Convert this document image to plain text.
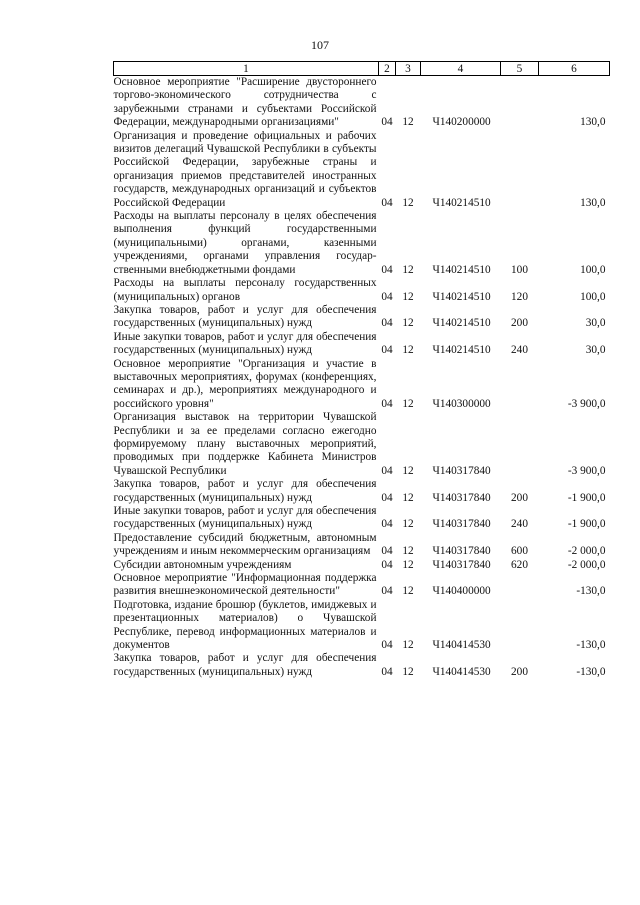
107
1	2	3	4	5	6
Основное мероприятие "Расширение двустороннего торгово-экономического сотрудничества с зарубежными странами и субъектами Российской Федерации, международными организациями"	04	12	Ч140200000		130,0
Организация и проведение официальных и рабочих визитов делегаций Чувашской Республики в субъекты Российской Федерации, зарубежные страны и организация приемов представителей иностранных государств, международных организаций и субъектов Российской Федерации	04	12	Ч140214510		130,0
Расходы на выплаты персоналу в целях обеспечения выполнения функций государственными (муниципальными) органами, казенными учреждениями, органами управления государственными внебюджетными фондами	04	12	Ч140214510	100	100,0
Расходы на выплаты персоналу государственных (муниципальных) органов	04	12	Ч140214510	120	100,0
Закупка товаров, работ и услуг для обеспечения государственных (муниципальных) нужд	04	12	Ч140214510	200	30,0
Иные закупки товаров, работ и услуг для обеспечения государственных (муниципальных) нужд	04	12	Ч140214510	240	30,0
Основное мероприятие "Организация и участие в выставочных мероприятиях, форумах (конференциях, семинарах и др.), мероприятиях международного и российского уровня"	04	12	Ч140300000		-3 900,0
Организация выставок на территории Чувашской Республики и за ее пределами согласно ежегодно формируемому плану выставочных мероприятий, проводимых при поддержке Кабинета Министров Чувашской Республики	04	12	Ч140317840		-3 900,0
Закупка товаров, работ и услуг для обеспечения государственных (муниципальных) нужд	04	12	Ч140317840	200	-1 900,0
Иные закупки товаров, работ и услуг для обеспечения государственных (муниципальных) нужд	04	12	Ч140317840	240	-1 900,0
Предоставление субсидий бюджетным, автономным учреждениям и иным некоммерческим организациям	04	12	Ч140317840	600	-2 000,0
Субсидии автономным учреждениям	04	12	Ч140317840	620	-2 000,0
Основное мероприятие "Информационная поддержка развития внешнеэкономической деятельности"	04	12	Ч140400000		-130,0
Подготовка, издание брошюр (буклетов, имиджевых и презентационных материалов) о Чувашской Республике, перевод информационных материалов и документов	04	12	Ч140414530		-130,0
Закупка товаров, работ и услуг для обеспечения государственных (муниципальных) нужд	04	12	Ч140414530	200	-130,0
